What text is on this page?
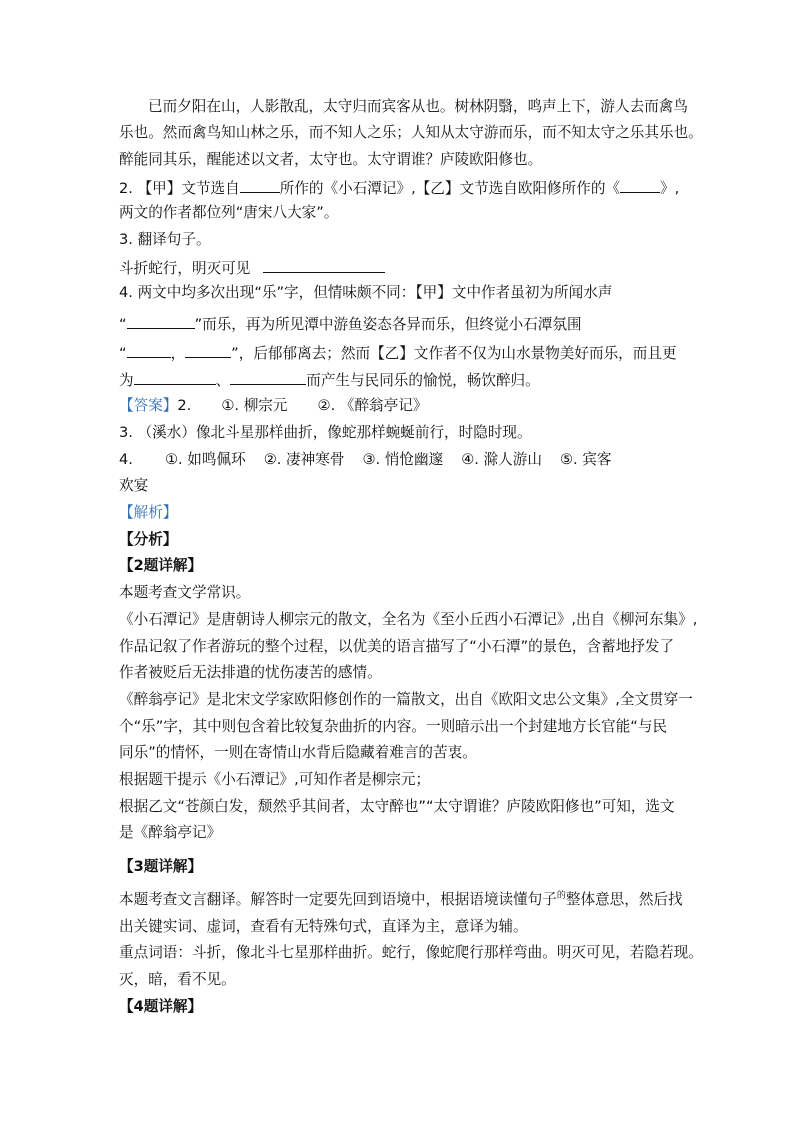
已而夕阳在山，人影散乱，太守归而宾客从也。树林阴翳，鸣声上下，游人去而禽鸟
乐也。然而禽鸟知山林之乐，而不知人之乐；人知从太守游而乐，而不知太守之乐其乐也。
醉能同其乐，醒能述以文者，太守也。太守谓谁？庐陵欧阳修也。
2. 【甲】文节选自	所作的《小石潭记》,【乙】文节选自欧阳修所作的《	》,
两文的作者都位列“唐宋八大家”。
3. 翻译句子。
斗折蛇行，明灭可见
4. 两文中均多次出现“乐”字，但情味颇不同：【甲】文中作者虽初为所闻水声
“	”而乐，再为所见潭中游鱼姿态各异而乐，但终觉小石潭氛围
“	，	”，后郁郁离去；然而【乙】文作者不仅为山水景物美好而乐，而且更
为	、	而产生与民同乐的愉悦，畅饮醉归。
【答案】2. ①. 柳宗元 ②. 《醉翁亭记》
3. （溪水）像北斗星那样曲折，像蛇那样蜿蜒前行，时隐时现。
4. ①. 如鸣佩环 ②. 凄神寒骨 ③. 悄怆幽邃 ④. 滁人游山 ⑤. 宾客
欢宴
【解析】
【分析】
【2题详解】
本题考查文学常识。
《小石潭记》是唐朝诗人柳宗元的散文，全名为《至小丘西小石潭记》,出自《柳河东集》,
作品记叙了作者游玩的整个过程，以优美的语言描写了“小石潭”的景色，含蓄地抒发了
作者被贬后无法排遣的忧伤凄苦的感情。
《醉翁亭记》是北宋文学家欧阳修创作的一篇散文，出自《欧阳文忠公文集》,全文贯穿一
个“乐”字，其中则包含着比较复杂曲折的内容。一则暗示出一个封建地方长官能“与民
同乐”的情怀，一则在寄情山水背后隐藏着难言的苦衷。
根据题干提示《小石潭记》,可知作者是柳宗元；
根据乙文“苍颜白发，颓然乎其间者，太守醉也”“太守谓谁？庐陵欧阳修也”可知，选文
是《醉翁亭记》
【3题详解】
本题考查文言翻译。解答时一定要先回到语境中，根据语境读懂句子$^的$整体意思，然后找
出关键实词、虚词，查看有无特殊句式，直译为主，意译为辅。
重点词语：斗折，像北斗七星那样曲折。蛇行，像蛇爬行那样弯曲。明灭可见，若隐若现。
灭，暗，看不见。
【4题详解】
